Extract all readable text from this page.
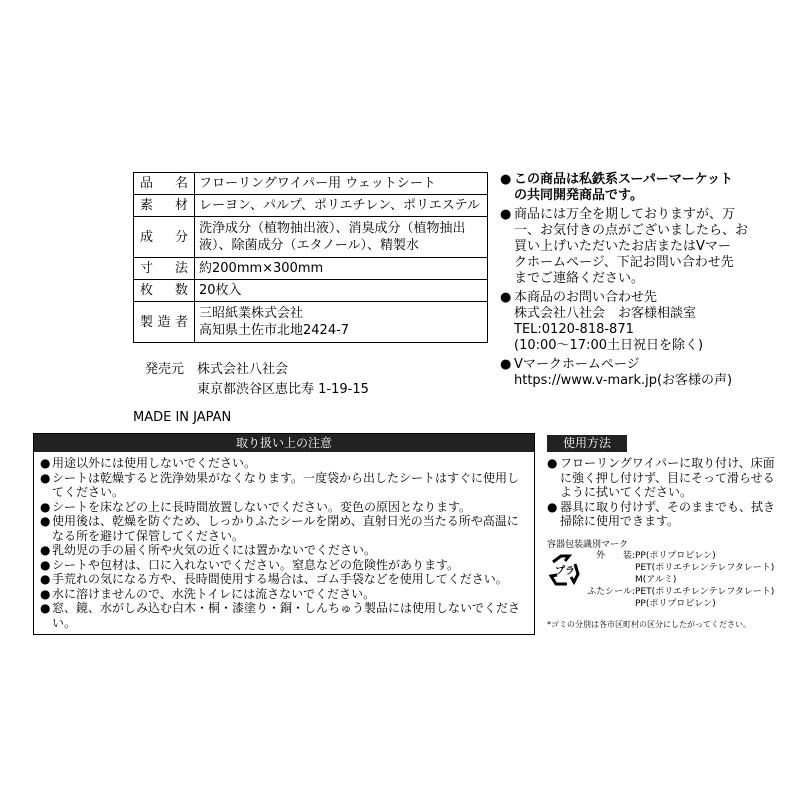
品　名	フローリングワイパー用 ウェットシート
素　材	レーヨン、パルプ、ポリエチレン、ポリエステル
成　分	洗浄成分（植物抽出液）、消臭成分（植物抽出
液）、除菌成分（エタノール）、精製水

寸　法	約200mm×300mm
枚　数	20枚入
製造者	三昭紙業株式会社
高知県土佐市北地2424-7
発売元 株式会社八社会
東京都渋谷区恵比寿 1-19-15
MADE IN JAPAN
● この商品は私鉄系スーパーマーケット
の共同開発商品です。
● 商品には万全を期しておりますが、万
一、お気付きの点がございましたら、お
買い上げいただいたお店またはVマー
クホームページ、下記お問い合わせ先
までご連絡ください。
● 本商品のお問い合わせ先
株式会社八社会　お客様相談室
TEL:0120-818-871
(10:00～17:00土日祝日を除く)
● Vマークホームページ
https://www.v-mark.jp(お客様の声)
取り扱い上の注意
● 用途以外には使用しないでください。
● シートは乾燥すると洗浄効果がなくなります。一度袋から出したシートはすぐに使用してください。
● シートを床などの上に長時間放置しないでください。変色の原因となります。
● 使用後は、乾燥を防ぐため、しっかりふたシールを閉め、直射日光の当たる所や高温になる所を避けて保管してください。
● 乳幼児の手の届く所や火気の近くには置かないでください。
● シートや包材は、口に入れないでください。窒息などの危険性があります。
● 手荒れの気になる方や、長時間使用する場合は、ゴム手袋などを使用してください。
● 水に溶けませんので、水洗トイレには流さないでください。
● 窓、鏡、水がしみ込む白木・桐・漆塗り・銅・しんちゅう製品には使用しないでください。
使用方法
● フローリングワイパーに取り付け、床面に強く押し付けず、目にそって滑らせるように拭いてください。
● 器具に取り付けず、そのままでも、拭き掃除に使用できます。
容器包装識別マーク
プラ
外　　装: PP(ポリプロピレン)
PET(ポリエチレンテレフタレート)
M(アルミ)
ふたシール: PET(ポリエチレンテレフタレート)
PP(ポリプロピレン)
*ゴミの分別は各市区町村の区分にしたがってください。
